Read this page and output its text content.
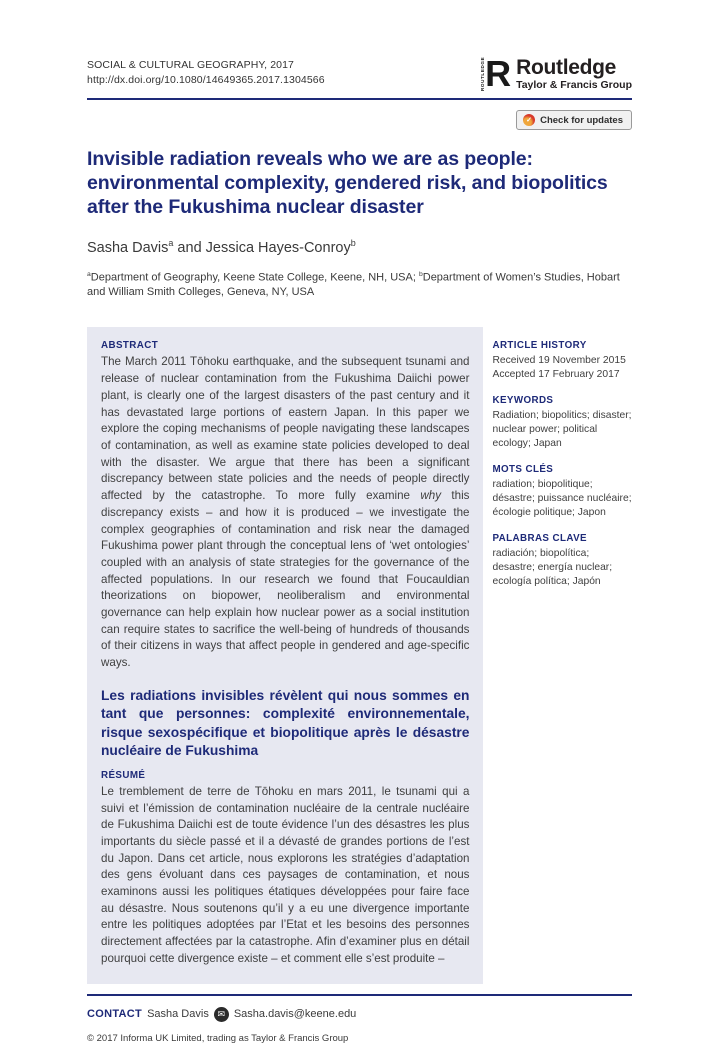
SOCIAL & CULTURAL GEOGRAPHY, 2017
http://dx.doi.org/10.1080/14649365.2017.1304566	ROUTLEDGE R Routledge
Taylor & Francis Group
✓ Check for updates
Invisible radiation reveals who we are as people:
environmental complexity, gendered risk, and biopolitics
after the Fukushima nuclear disaster
Sasha Davis$^a$ and Jessica Hayes-Conroy$^b$
$^a$Department of Geography, Keene State College, Keene, NH, USA; $^b$Department of Women’s Studies, Hobart and William Smith Colleges, Geneva, NY, USA
ABSTRACT
The March 2011 Tōhoku earthquake, and the subsequent tsunami and release of nuclear contamination from the Fukushima Daiichi power plant, is clearly one of the largest disasters of the past century and it has devastated large portions of eastern Japan. In this paper we explore the coping mechanisms of people navigating these landscapes of contamination, as well as examine state policies developed to deal with the disaster. We argue that there has been a significant discrepancy between state policies and the needs of people directly affected by the catastrophe. To more fully examine why this discrepancy exists – and how it is produced – we investigate the complex geographies of contamination and risk near the damaged Fukushima power plant through the conceptual lens of ‘wet ontologies’ coupled with an analysis of state strategies for the governance of the affected populations. In our research we found that Foucauldian theorizations on biopower, neoliberalism and environmental governance can help explain how nuclear power as a social institution can require states to sacrifice the well-being of hundreds of thousands of their citizens in ways that affect people in gendered and age-specific ways.
Les radiations invisibles révèlent qui nous sommes en tant que personnes: complexité environnementale, risque sexospécifique et biopolitique après le désastre nucléaire de Fukushima
RÉSUMÉ
Le tremblement de terre de Tōhoku en mars 2011, le tsunami qui a suivi et l’émission de contamination nucléaire de la centrale nucléaire de Fukushima Daiichi est de toute évidence l’un des désastres les plus importants du siècle passé et il a dévasté de grandes portions de l’est du Japon. Dans cet article, nous explorons les stratégies d’adaptation des gens évoluant dans ces paysages de contamination, et nous examinons aussi les politiques étatiques développées pour faire face au désastre. Nous soutenons qu’il y a eu une divergence importante entre les politiques adoptées par l’Etat et les besoins des personnes directement affectées par la catastrophe. Afin d’examiner plus en détail pourquoi cette divergence existe – et comment elle s’est produite –
ARTICLE HISTORY
Received 19 November 2015
Accepted 17 February 2017
KEYWORDS
Radiation; biopolitics; disaster; nuclear power; political ecology; Japan
MOTS CLÉS
radiation; biopolitique; désastre; puissance nucléaire; écologie politique; Japon
PALABRAS CLAVE
radiación; biopolítica; desastre; energía nuclear; ecología política; Japón
CONTACT Sasha Davis ✉ Sasha.davis@keene.edu
© 2017 Informa UK Limited, trading as Taylor & Francis Group
